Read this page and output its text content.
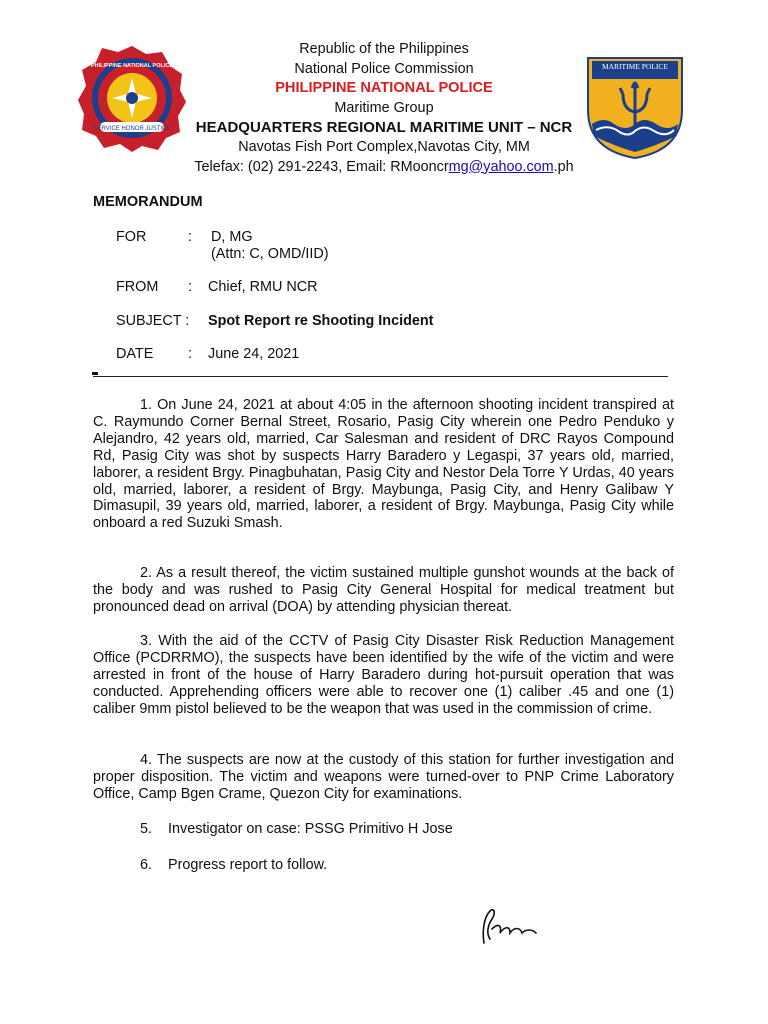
SERVICE HONOR JUSTICE
PHILIPPINE NATIONAL POLICE	MARITIME POLICE
Republic of the Philippines
National Police Commission
PHILIPPINE NATIONAL POLICE
Maritime Group
HEADQUARTERS REGIONAL MARITIME UNIT – NCR
Navotas Fish Port Complex,Navotas City, MM
Telefax: (02) 291-2243, Email: RMooncrmg@yahoo.com.ph
MEMORANDUM
FOR	: D, MG
(Attn: C, OMD/IID)
FROM : Chief, RMU NCR
SUBJECT : Spot Report re Shooting Incident
DATE : June 24, 2021
1. On June 24, 2021 at about 4:05 in the afternoon shooting incident transpired at C. Raymundo Corner Bernal Street, Rosario, Pasig City wherein one Pedro Penduko y Alejandro, 42 years old, married, Car Salesman and resident of DRC Rayos Compound Rd, Pasig City was shot by suspects Harry Baradero y Legaspi, 37 years old, married, laborer, a resident Brgy. Pinagbuhatan, Pasig City and Nestor Dela Torre Y Urdas, 40 years old, married, laborer, a resident of Brgy. Maybunga, Pasig City, and Henry Galibaw Y Dimasupil, 39 years old, married, laborer, a resident of Brgy. Maybunga, Pasig City while onboard a red Suzuki Smash.
2. As a result thereof, the victim sustained multiple gunshot wounds at the back of the body and was rushed to Pasig City General Hospital for medical treatment but pronounced dead on arrival (DOA) by attending physician thereat.
3. With the aid of the CCTV of Pasig City Disaster Risk Reduction Management Office (PCDRRMO), the suspects have been identified by the wife of the victim and were arrested in front of the house of Harry Baradero during hot-pursuit operation that was conducted. Apprehending officers were able to recover one (1) caliber .45 and one (1) caliber 9mm pistol believed to be the weapon that was used in the commission of crime.
4. The suspects are now at the custody of this station for further investigation and proper disposition. The victim and weapons were turned-over to PNP Crime Laboratory Office, Camp Bgen Crame, Quezon City for examinations.
5.    Investigator on case: PSSG Primitivo H Jose
6.    Progress report to follow.
